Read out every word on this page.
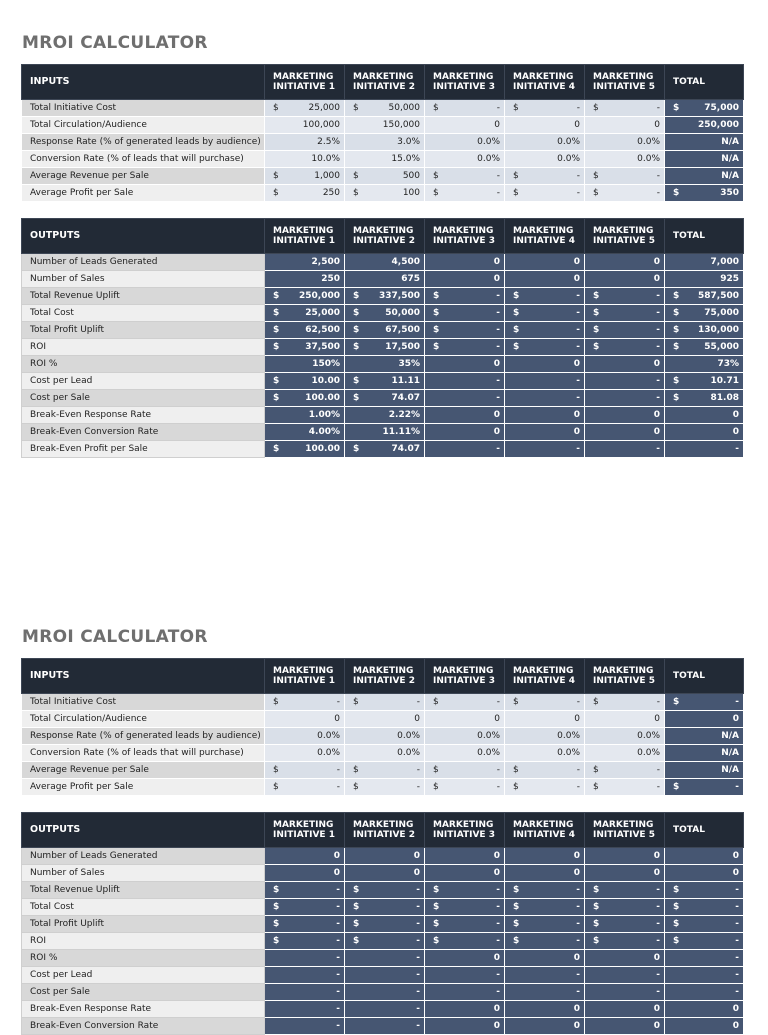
MROI CALCULATOR
INPUTS	MARKETING INITIATIVE 1	MARKETING INITIATIVE 2	MARKETING INITIATIVE 3	MARKETING INITIATIVE 4	MARKETING INITIATIVE 5	TOTAL
Total Initiative Cost	$ 25,000	$ 50,000	$ -	$ -	$ -	$ 75,000

Total Circulation/Audience	100,000	150,000	0	0	0	250,000

Response Rate (% of generated leads by audience)	2.5%	3.0%	0.0%	0.0%	0.0%	N/A

Conversion Rate (% of leads that will purchase)	10.0%	15.0%	0.0%	0.0%	0.0%	N/A

Average Revenue per Sale	$ 1,000	$ 500	$ -	$ -	$ -	N/A

Average Profit per Sale	$ 250	$ 100	$ -	$ -	$ -	$ 350
OUTPUTS	MARKETING INITIATIVE 1	MARKETING INITIATIVE 2	MARKETING INITIATIVE 3	MARKETING INITIATIVE 4	MARKETING INITIATIVE 5	TOTAL
Number of Leads Generated	2,500	4,500	0	0	0	7,000

Number of Sales	250	675	0	0	0	925

Total Revenue Uplift	$ 250,000	$ 337,500	$ -	$ -	$ -	$ 587,500

Total Cost	$ 25,000	$ 50,000	$ -	$ -	$ -	$ 75,000

Total Profit Uplift	$ 62,500	$ 67,500	$ -	$ -	$ -	$ 130,000

ROI	$ 37,500	$ 17,500	$ -	$ -	$ -	$ 55,000

ROI %	150%	35%	0	0	0	73%

Cost per Lead	$ 10.00	$ 11.11	-	-	-	$ 10.71

Cost per Sale	$ 100.00	$ 74.07	-	-	-	$ 81.08

Break-Even Response Rate	1.00%	2.22%	0	0	0	0

Break-Even Conversion Rate	4.00%	11.11%	0	0	0	0

Break-Even Profit per Sale	$ 100.00	$ 74.07	-	-	-	-
MROI CALCULATOR
INPUTS	MARKETING INITIATIVE 1	MARKETING INITIATIVE 2	MARKETING INITIATIVE 3	MARKETING INITIATIVE 4	MARKETING INITIATIVE 5	TOTAL
Total Initiative Cost	$ -	$ -	$ -	$ -	$ -	$ -

Total Circulation/Audience	0	0	0	0	0	0

Response Rate (% of generated leads by audience)	0.0%	0.0%	0.0%	0.0%	0.0%	N/A

Conversion Rate (% of leads that will purchase)	0.0%	0.0%	0.0%	0.0%	0.0%	N/A

Average Revenue per Sale	$ -	$ -	$ -	$ -	$ -	N/A

Average Profit per Sale	$ -	$ -	$ -	$ -	$ -	$ -
OUTPUTS	MARKETING INITIATIVE 1	MARKETING INITIATIVE 2	MARKETING INITIATIVE 3	MARKETING INITIATIVE 4	MARKETING INITIATIVE 5	TOTAL
Number of Leads Generated	0	0	0	0	0	0

Number of Sales	0	0	0	0	0	0

Total Revenue Uplift	$ -	$ -	$ -	$ -	$ -	$ -

Total Cost	$ -	$ -	$ -	$ -	$ -	$ -

Total Profit Uplift	$ -	$ -	$ -	$ -	$ -	$ -

ROI	$ -	$ -	$ -	$ -	$ -	$ -

ROI %	-	-	0	0	0	-

Cost per Lead	-	-	-	-	-	-

Cost per Sale	-	-	-	-	-	-

Break-Even Response Rate	-	-	0	0	0	0

Break-Even Conversion Rate	-	-	0	0	0	0
